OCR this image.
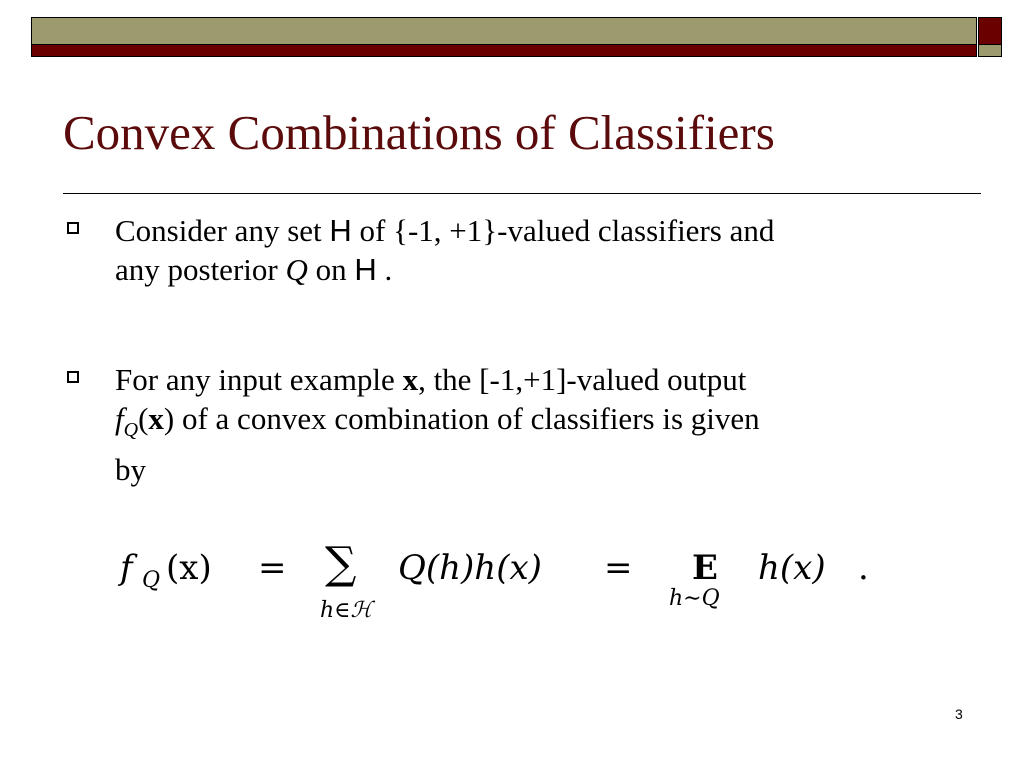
Convex Combinations of Classifiers
Consider any set H of {-1, +1}-valued classifiers and
any posterior Q on H .
For any input example x, the [-1,+1]-valued output
$f_Q(x)$ of a convex combination of classifiers is given
by
f Q (x) = ∑
h∈ℋ
Q(h)h(x) = E
h∼Q
h(x) .
3
